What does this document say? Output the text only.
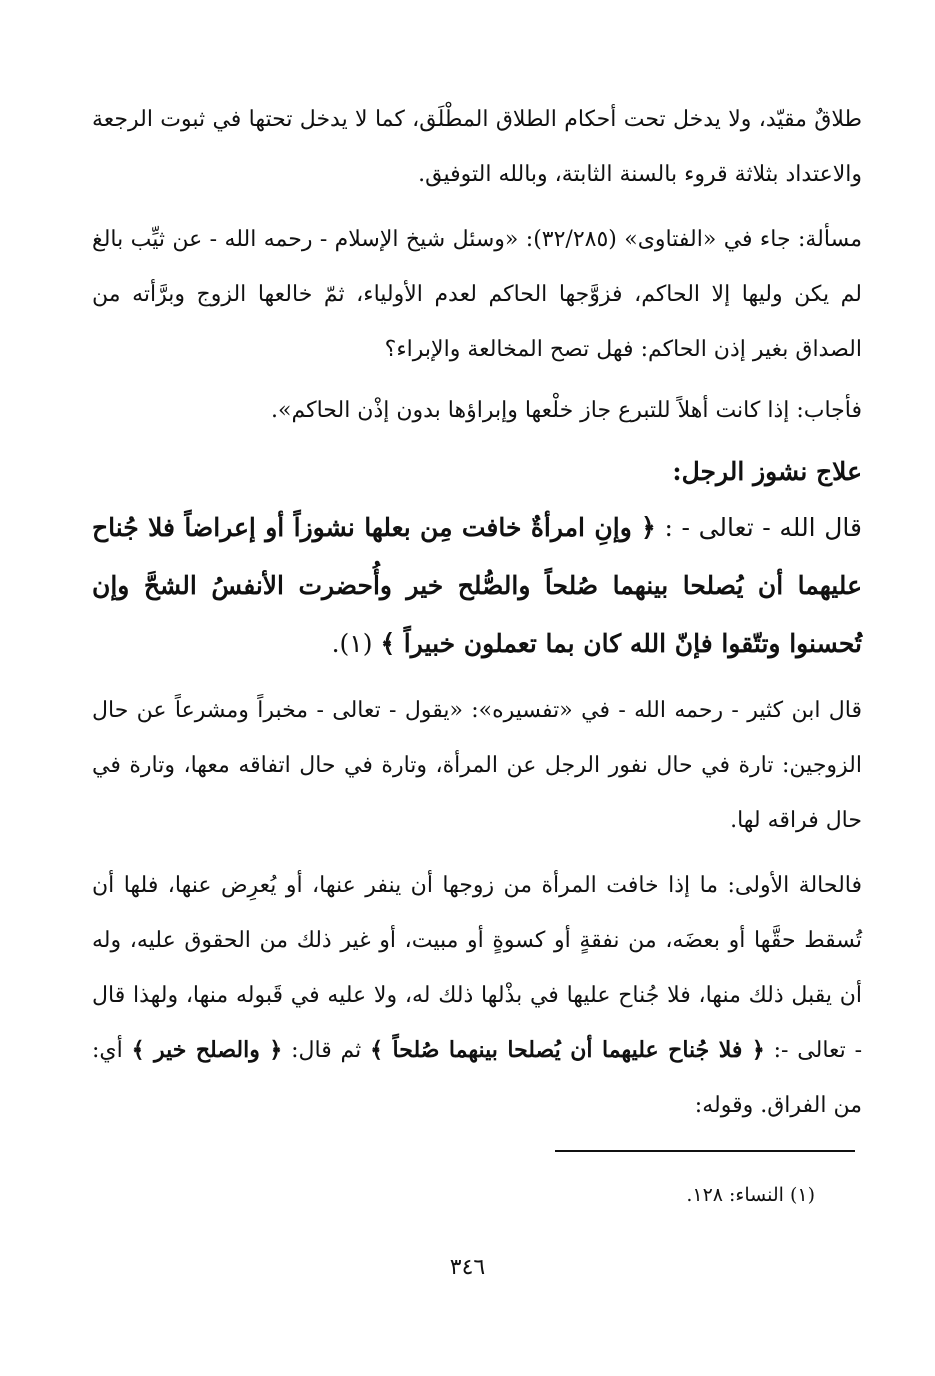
طلاقٌ مقيّد، ولا يدخل تحت أحكام الطلاق المطْلَق، كما لا يدخل تحتها في ثبوت الرجعة والاعتداد بثلاثة قروء بالسنة الثابتة، وبالله التوفيق.

مسألة: جاء في «الفتاوى» (٣٢/٢٨٥): «وسئل شيخ الإسلام - رحمه الله - عن ثيِّب بالغ لم يكن وليها إلا الحاكم، فزوَّجها الحاكم لعدم الأولياء، ثمّ خالعها الزوج وبرَّأته من الصداق بغير إذن الحاكم: فهل تصح المخالعة والإبراء؟

فأجاب: إذا كانت أهلاً للتبرع جاز خلْعها وإبراؤها بدون إذْن الحاكم».

علاج نشوز الرجل:

قال الله - تعالى - : ﴿ وإنِ امرأةٌ خافت مِن بعلها نشوزاً أو إعراضاً فلا جُناح عليهما أن يُصلحا بينهما صُلحاً والصُّلح خير وأُحضرت الأنفسُ الشحَّ وإن تُحسنوا وتتّقوا فإنّ الله كان بما تعملون خبيراً ﴾ (١).

قال ابن كثير - رحمه الله - في «تفسيره»: «يقول - تعالى - مخبراً ومشرعاً عن حال الزوجين: تارة في حال نفور الرجل عن المرأة، وتارة في حال اتفاقه معها، وتارة في حال فراقه لها.

فالحالة الأولى: ما إذا خافت المرأة من زوجها أن ينفر عنها، أو يُعرِض عنها، فلها أن تُسقط حقَّها أو بعضَه، من نفقةٍ أو كسوةٍ أو مبيت، أو غير ذلك من الحقوق عليه، وله أن يقبل ذلك منها، فلا جُناح عليها في بذْلها ذلك له، ولا عليه في قَبوله منها، ولهذا قال - تعالى -: ﴿ فلا جُناح عليهما أن يُصلحا بينهما صُلحاً ﴾ ثم قال: ﴿ والصلح خير ﴾ أي: من الفراق. وقوله:

(١) النساء: ١٢٨.
٣٤٦
